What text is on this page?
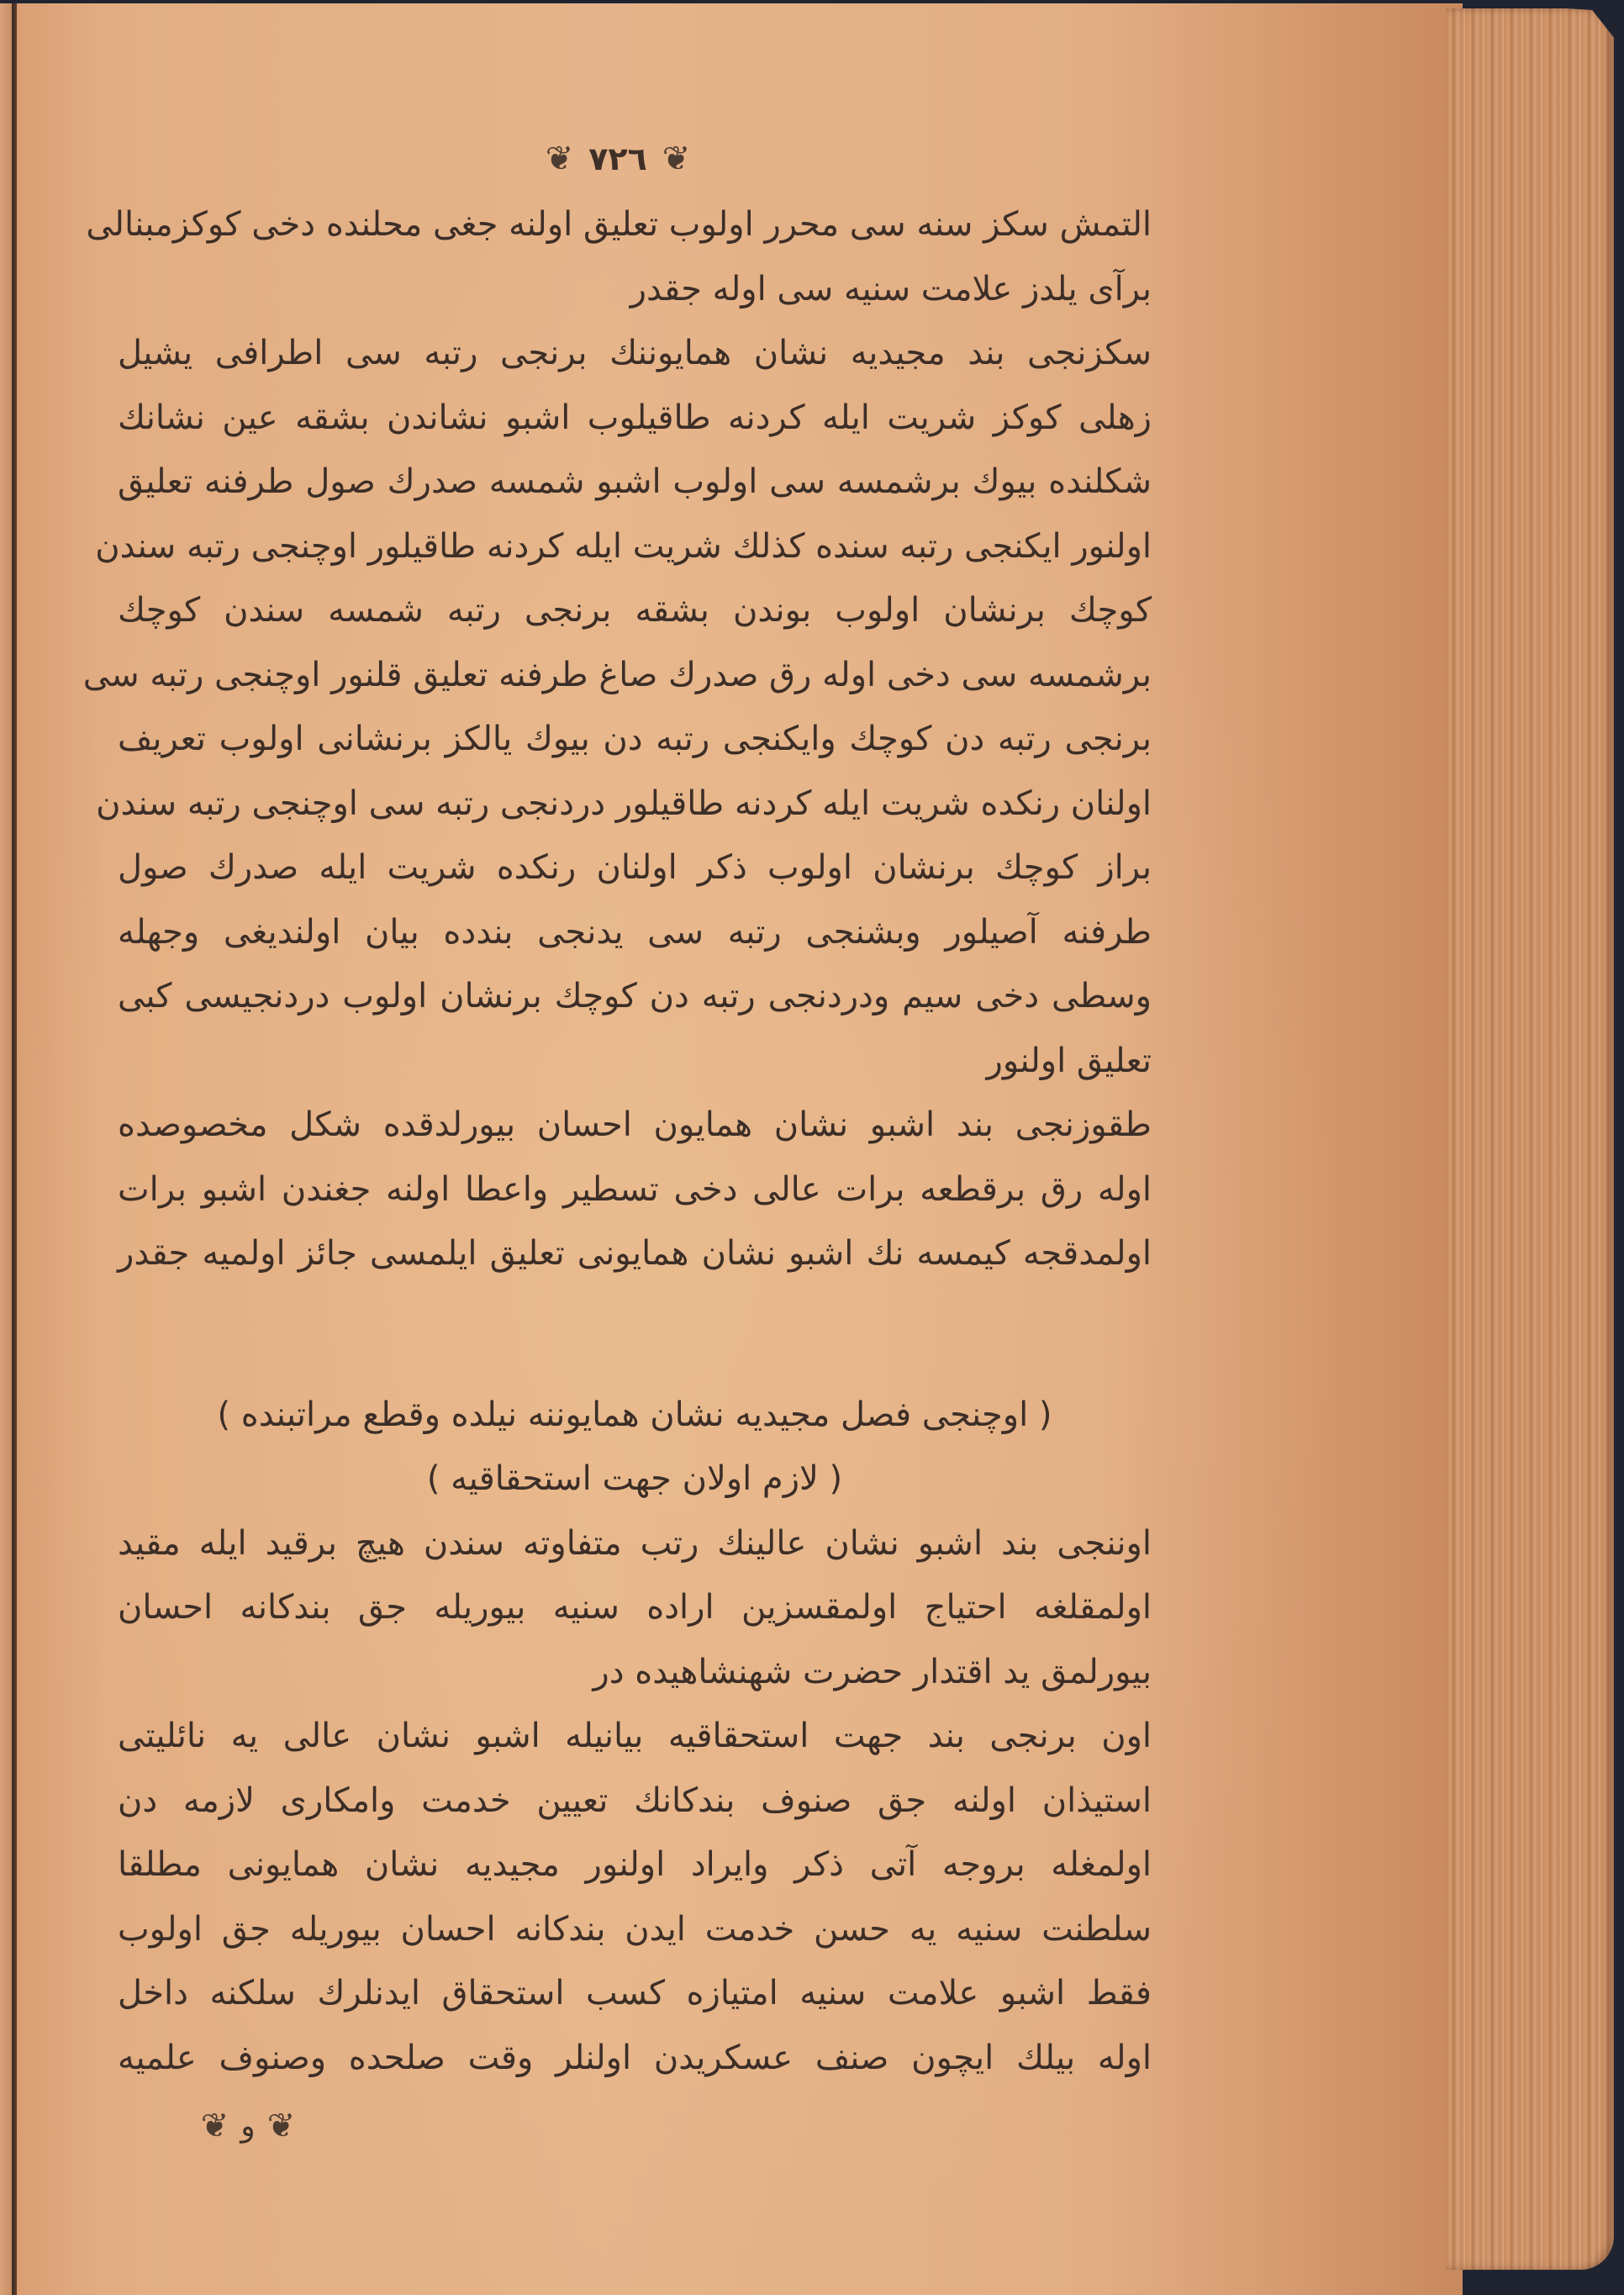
❦ ٧٢٦ ❦
التمش سكز سنه سی محرر اولوب تعلیق اولنه جغی محلنده دخی کوکزمبنالی
برآی یلدز علامت سنیه سی اوله جقدر
سکزنجی بند مجیدیه نشان همایوننك برنجی رتبه سی اطرافی یشیل
زهلی کوکز شریت ایله کردنه طاقیلوب اشبو نشاندن بشقه عین نشانك
شکلنده بیوك برشمسه سی اولوب اشبو شمسه صدرك صول طرفنه تعلیق
اولنور ایکنجی رتبه سنده کذلك شریت ایله کردنه طاقیلور اوچنجی رتبه سندن
کوچك برنشان اولوب بوندن بشقه برنجی رتبه شمسه سندن کوچك
برشمسه سی دخی اوله رق صدرك صاغ طرفنه تعلیق قلنور اوچنجی رتبه سی
برنجی رتبه دن کوچك وایکنجی رتبه دن بیوك یالکز برنشانی اولوب تعریف
اولنان رنکده شریت ایله کردنه طاقیلور دردنجی رتبه سی اوچنجی رتبه سندن
براز کوچك برنشان اولوب ذکر اولنان رنکده شریت ایله صدرك صول
طرفنه آصیلور وبشنجی رتبه سی یدنجی بندده بیان اولندیغی وجهله
وسطی دخی سیم ودردنجی رتبه دن کوچك برنشان اولوب دردنجیسی کبی
تعلیق اولنور
طقوزنجی بند اشبو نشان همایون احسان بیورلدقده شکل مخصوصده
اوله رق برقطعه برات عالی دخی تسطیر واعطا اولنه جغندن اشبو برات
اولمدقجه کیمسه نك اشبو نشان همایونی تعلیق ایلمسی جائز اولمیه جقدر
( اوچنجی فصل مجیدیه نشان همایوننه نیلده وقطع مراتبنده )
( لازم اولان جهت استحقاقیه )
اوننجی بند اشبو نشان عالینك رتب متفاوته سندن هیچ برقید ایله مقید
اولمقلغه احتیاج اولمقسزین اراده سنیه بیوریله جق بندکانه احسان
بیورلمق ید اقتدار حضرت شهنشاهیده در
اون برنجی بند جهت استحقاقیه بیانیله اشبو نشان عالی یه نائلیتی
استیذان اولنه جق صنوف بندکانك تعیین خدمت وامکاری لازمه دن
اولمغله بروجه آتی ذکر وایراد اولنور مجیدیه نشان همایونی مطلقا
سلطنت سنیه یه حسن خدمت ایدن بندکانه احسان بیوریله جق اولوب
فقط اشبو علامت سنیه امتیازه کسب استحقاق ایدنلرك سلکنه داخل
اوله بیلك ایچون صنف عسکریدن اولنلر وقت صلحده وصنوف علمیه
❦ و ❦
